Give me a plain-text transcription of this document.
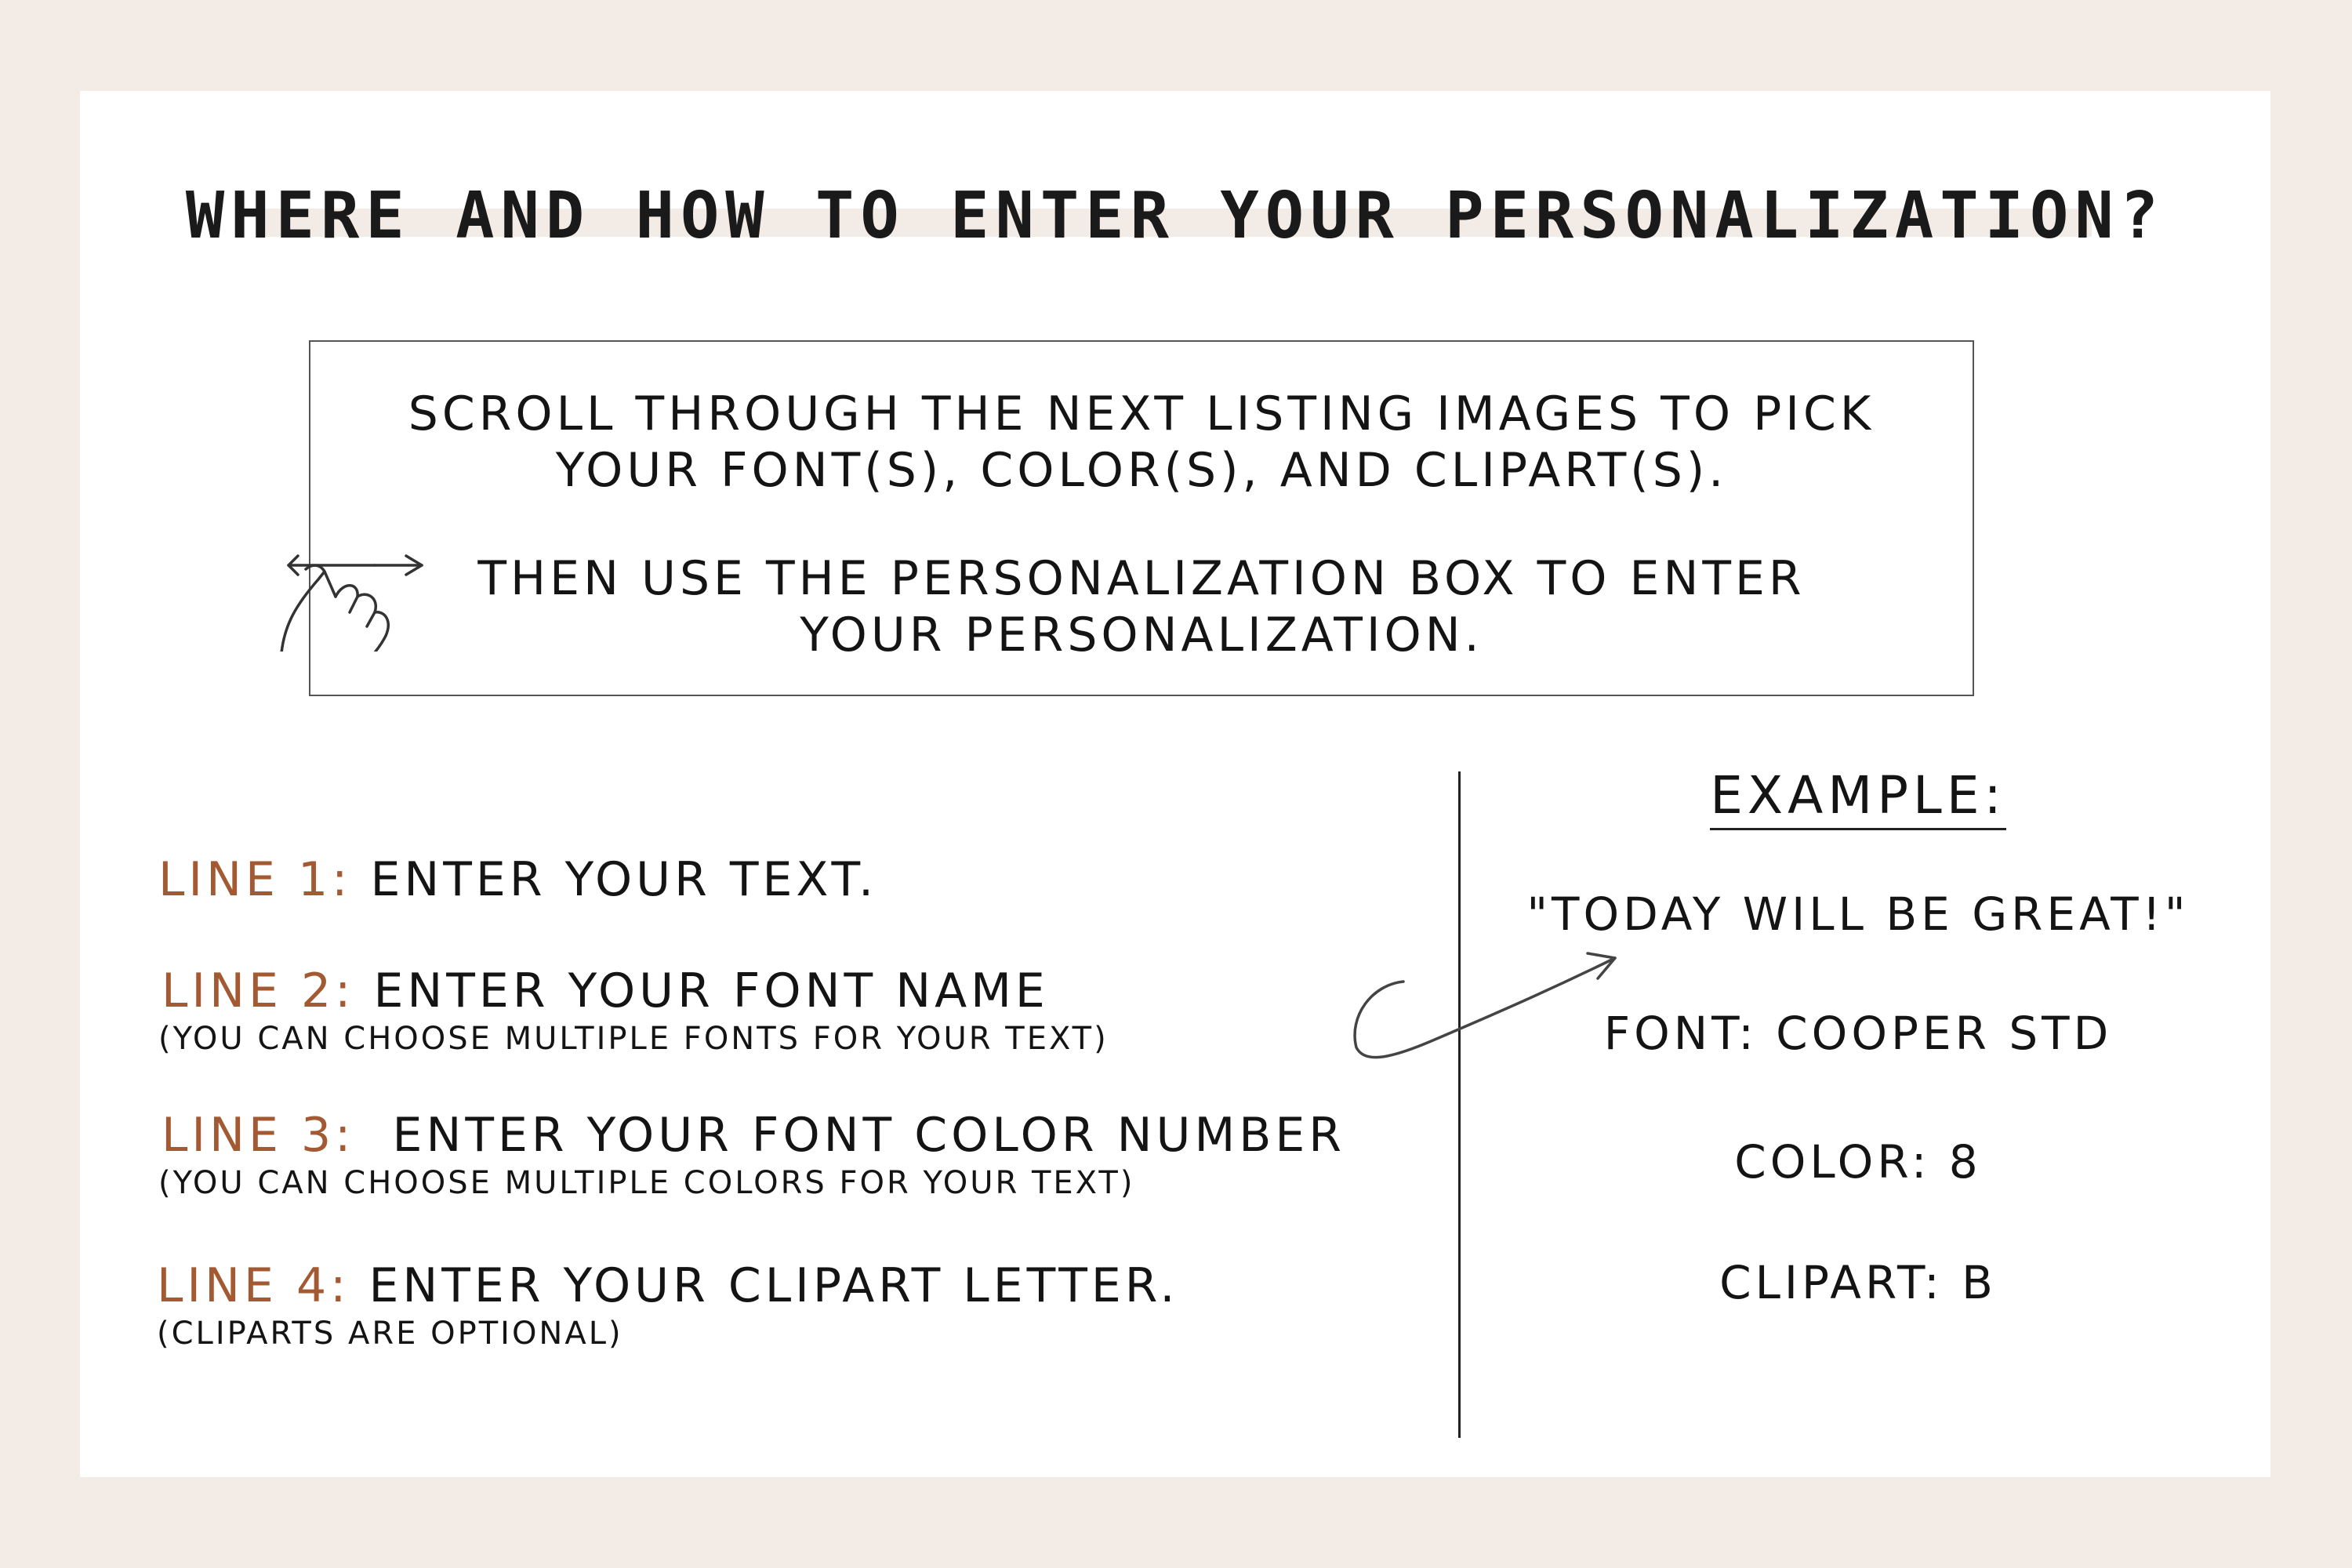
WHERE AND HOW TO ENTER YOUR PERSONALIZATION?
SCROLL THROUGH THE NEXT LISTING IMAGES TO PICK
YOUR FONT(S), COLOR(S), AND CLIPART(S).
THEN USE THE PERSONALIZATION BOX TO ENTER
YOUR PERSONALIZATION.
LINE 1: ENTER YOUR TEXT.
LINE 2: ENTER YOUR FONT NAME
(YOU CAN CHOOSE MULTIPLE FONTS FOR YOUR TEXT)
LINE 3:  ENTER YOUR FONT COLOR NUMBER
(YOU CAN CHOOSE MULTIPLE COLORS FOR YOUR TEXT)
LINE 4: ENTER YOUR CLIPART LETTER.
(CLIPARTS ARE OPTIONAL)
EXAMPLE:
"TODAY WILL BE GREAT!"
FONT: COOPER STD
COLOR: 8
CLIPART: B
